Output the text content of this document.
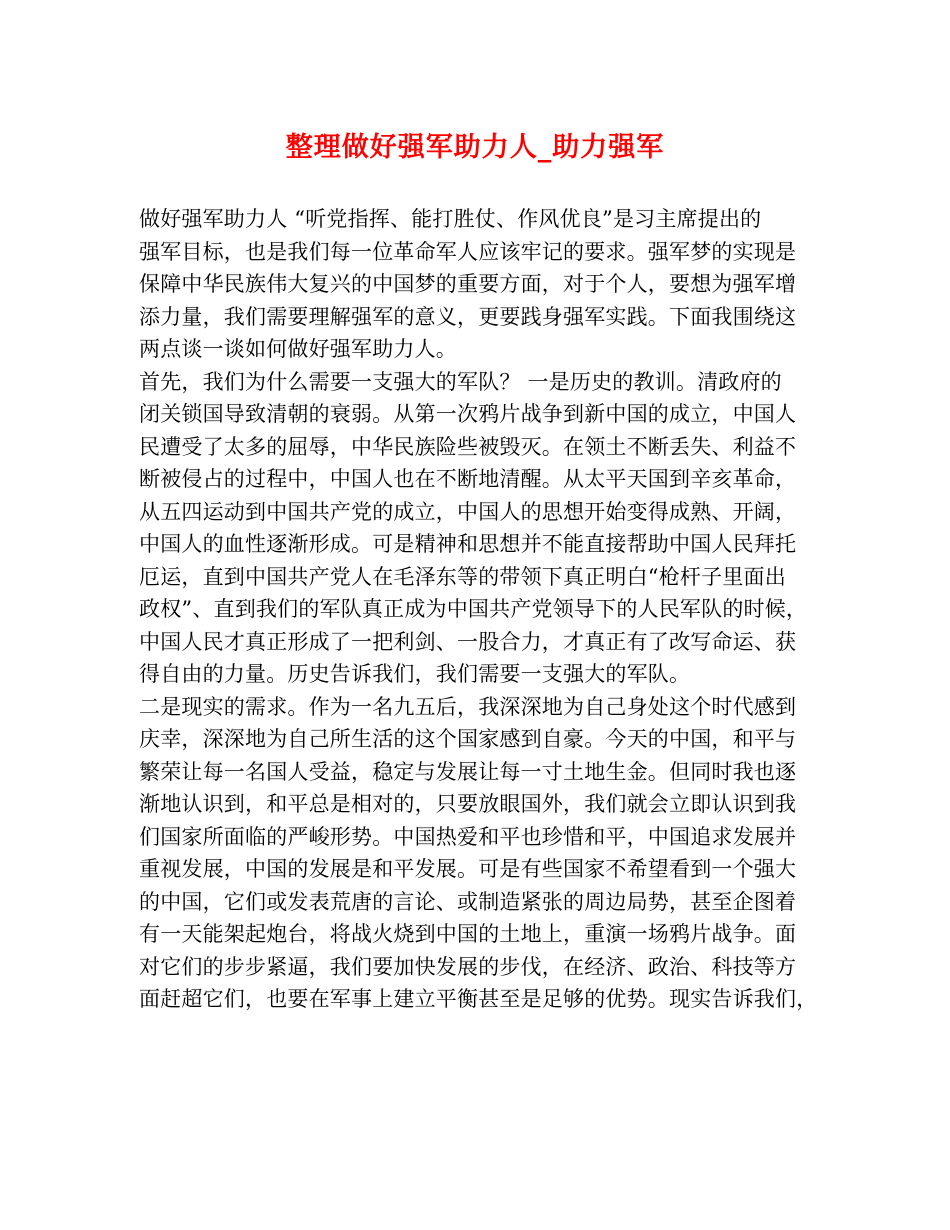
整理做好强军助力人_助力强军
做好强军助力人 “听党指挥、能打胜仗、作风优良”是习主席提出的
强军目标，也是我们每一位革命军人应该牢记的要求。强军梦的实现是
保障中华民族伟大复兴的中国梦的重要方面，对于个人，要想为强军增
添力量，我们需要理解强军的意义，更要践身强军实践。下面我围绕这
两点谈一谈如何做好强军助力人。
首先，我们为什么需要一支强大的军队？ 一是历史的教训。清政府的
闭关锁国导致清朝的衰弱。从第一次鸦片战争到新中国的成立，中国人
民遭受了太多的屈辱，中华民族险些被毁灭。在领土不断丢失、利益不
断被侵占的过程中，中国人也在不断地清醒。从太平天国到辛亥革命，
从五四运动到中国共产党的成立，中国人的思想开始变得成熟、开阔，
中国人的血性逐渐形成。可是精神和思想并不能直接帮助中国人民拜托
厄运，直到中国共产党人在毛泽东等的带领下真正明白“枪杆子里面出
政权”、直到我们的军队真正成为中国共产党领导下的人民军队的时候，
中国人民才真正形成了一把利剑、一股合力，才真正有了改写命运、获
得自由的力量。历史告诉我们，我们需要一支强大的军队。
二是现实的需求。作为一名九五后，我深深地为自己身处这个时代感到
庆幸，深深地为自己所生活的这个国家感到自豪。今天的中国，和平与
繁荣让每一名国人受益，稳定与发展让每一寸土地生金。但同时我也逐
渐地认识到，和平总是相对的，只要放眼国外，我们就会立即认识到我
们国家所面临的严峻形势。中国热爱和平也珍惜和平，中国追求发展并
重视发展，中国的发展是和平发展。可是有些国家不希望看到一个强大
的中国，它们或发表荒唐的言论、或制造紧张的周边局势，甚至企图着
有一天能架起炮台，将战火烧到中国的土地上，重演一场鸦片战争。面
对它们的步步紧逼，我们要加快发展的步伐，在经济、政治、科技等方
面赶超它们，也要在军事上建立平衡甚至是足够的优势。现实告诉我们，
